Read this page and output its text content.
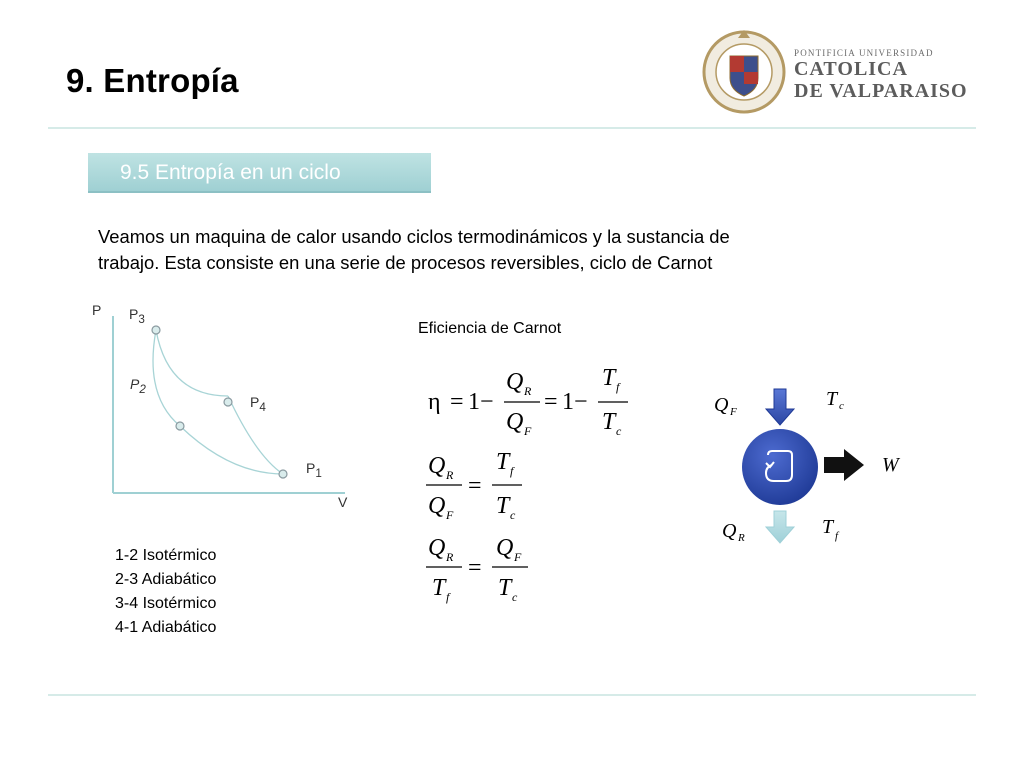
9. Entropía
PONTIFICIA UNIVERSIDAD
CATOLICA
DE VALPARAISO
9.5 Entropía en un ciclo
Veamos un maquina de calor usando ciclos termodinámicos y la sustancia de
trabajo. Esta consiste en una serie de procesos reversibles, ciclo de Carnot
P
V
$P_3$
$P_2$
$P_4$
$P_1$
Eficiencia de Carnot
η = 1 −
Q R
Q F
= 1 −
T f
T c
Q R
Q F
=
T f
T c
Q R
T f
=
Q F
T c
Q F
T c
W
Q R	T f
1-2 Isotérmico
2-3 Adiabático
3-4 Isotérmico
4-1 Adiabático
